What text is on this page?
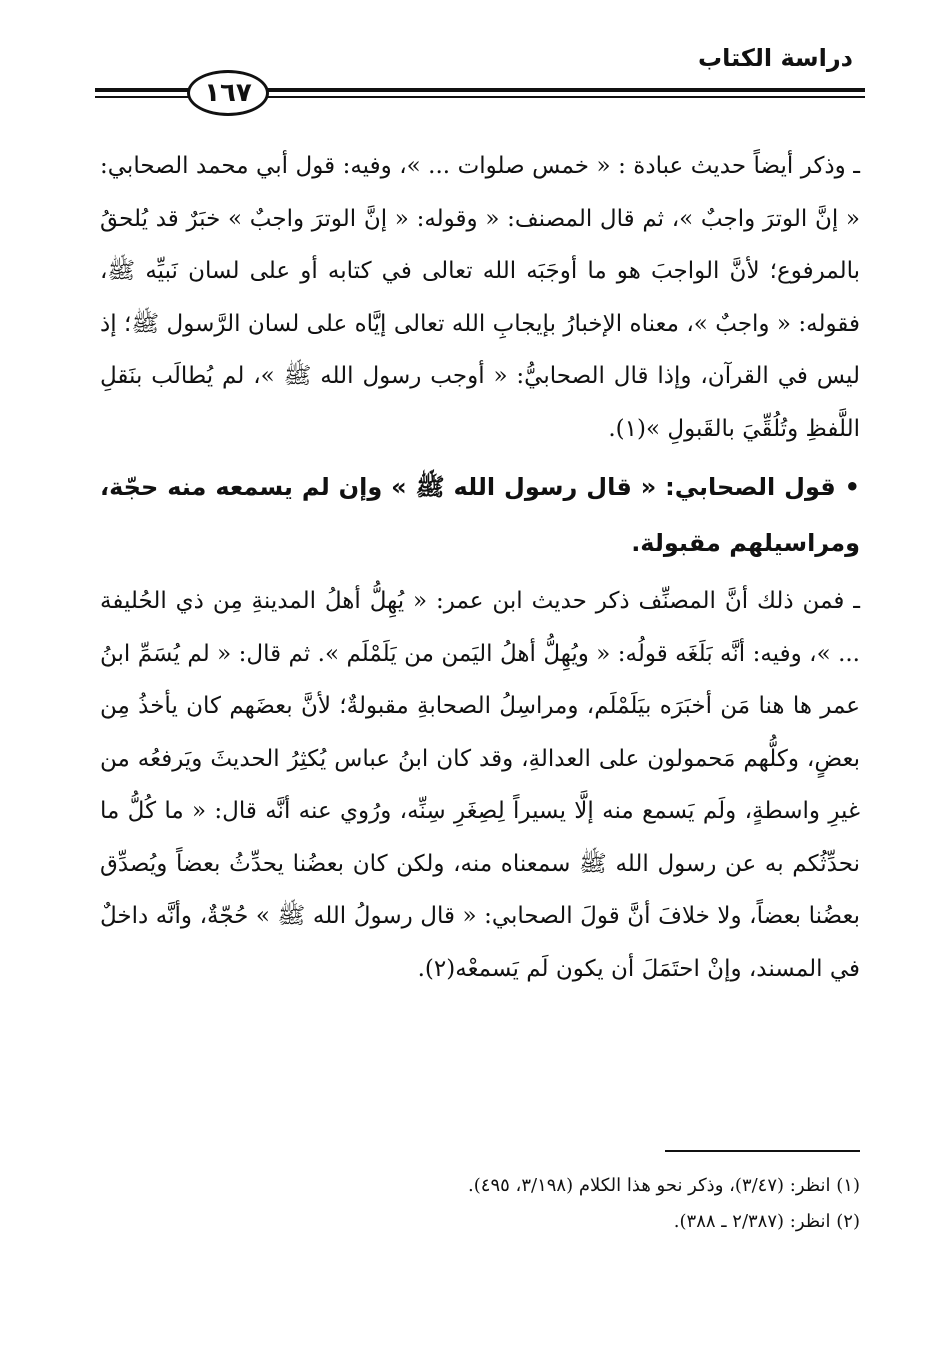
دراسة الكتاب
١٦٧

ـ وذكر أيضاً حديث عبادة : « خمس صلوات ... »، وفيه: قول أبي محمد الصحابي: « إنَّ الوترَ واجبٌ »، ثم قال المصنف: « وقوله: « إنَّ الوترَ واجبٌ » خبَرٌ قد يُلحقُ بالمرفوع؛ لأنَّ الواجبَ هو ما أوجَبَه الله تعالى في كتابه أو على لسان نَبيِّه ﷺ، فقوله: « واجبٌ »، معناه الإخبارُ بإيجابِ الله تعالى إيَّاه على لسان الرَّسول ﷺ؛ إذ ليس في القرآن، وإذا قال الصحابيُّ: « أوجب رسول الله ﷺ »، لم يُطالَب بنَقلِ اللَّفظِ وتُلُقِّيَ بالقَبولِ »(١).

• قول الصحابي: « قال رسول الله ﷺ » وإن لم يسمعه منه حجّة، ومراسيلهم مقبولة.

ـ فمن ذلك أنَّ المصنِّف ذكر حديث ابن عمر: « يُهِلُّ أهلُ المدينةِ مِن ذي الحُليفة ... »، وفيه: أنَّه بَلَغَه قولُه: « ويُهِلُّ أهلُ اليَمن من يَلَمْلَم ». ثم قال: « لم يُسَمِّ ابنُ عمر ها هنا مَن أخبَرَه بيَلَمْلَم، ومراسِلُ الصحابةِ مقبولةٌ؛ لأنَّ بعضَهم كان يأخذُ مِن بعضٍ، وكلُّهم مَحمولون على العدالةِ، وقد كان ابنُ عباس يُكثِرُ الحديثَ ويَرفعُه من غيرِ واسطةٍ، ولَم يَسمع منه إلَّا يسيراً لِصِغَرِ سِنِّه، ورُوي عنه أنَّه قال: « ما كُلُّ ما نحدِّثُكم به عن رسول الله ﷺ سمعناه منه، ولكن كان بعضُنا يحدِّثُ بعضاً ويُصدِّق بعضُنا بعضاً، ولا خلافَ أنَّ قولَ الصحابي: « قال رسولُ الله ﷺ » حُجّةٌ، وأنَّه داخلٌ في المسند، وإنْ احتَمَلَ أن يكون لَم يَسمعْه(٢).

(١) انظر: (٣/٤٧)، وذكر نحو هذا الكلام (٣/١٩٨، ٤٩٥).

(٢) انظر: (٢/٣٨٧ ـ ٣٨٨).
